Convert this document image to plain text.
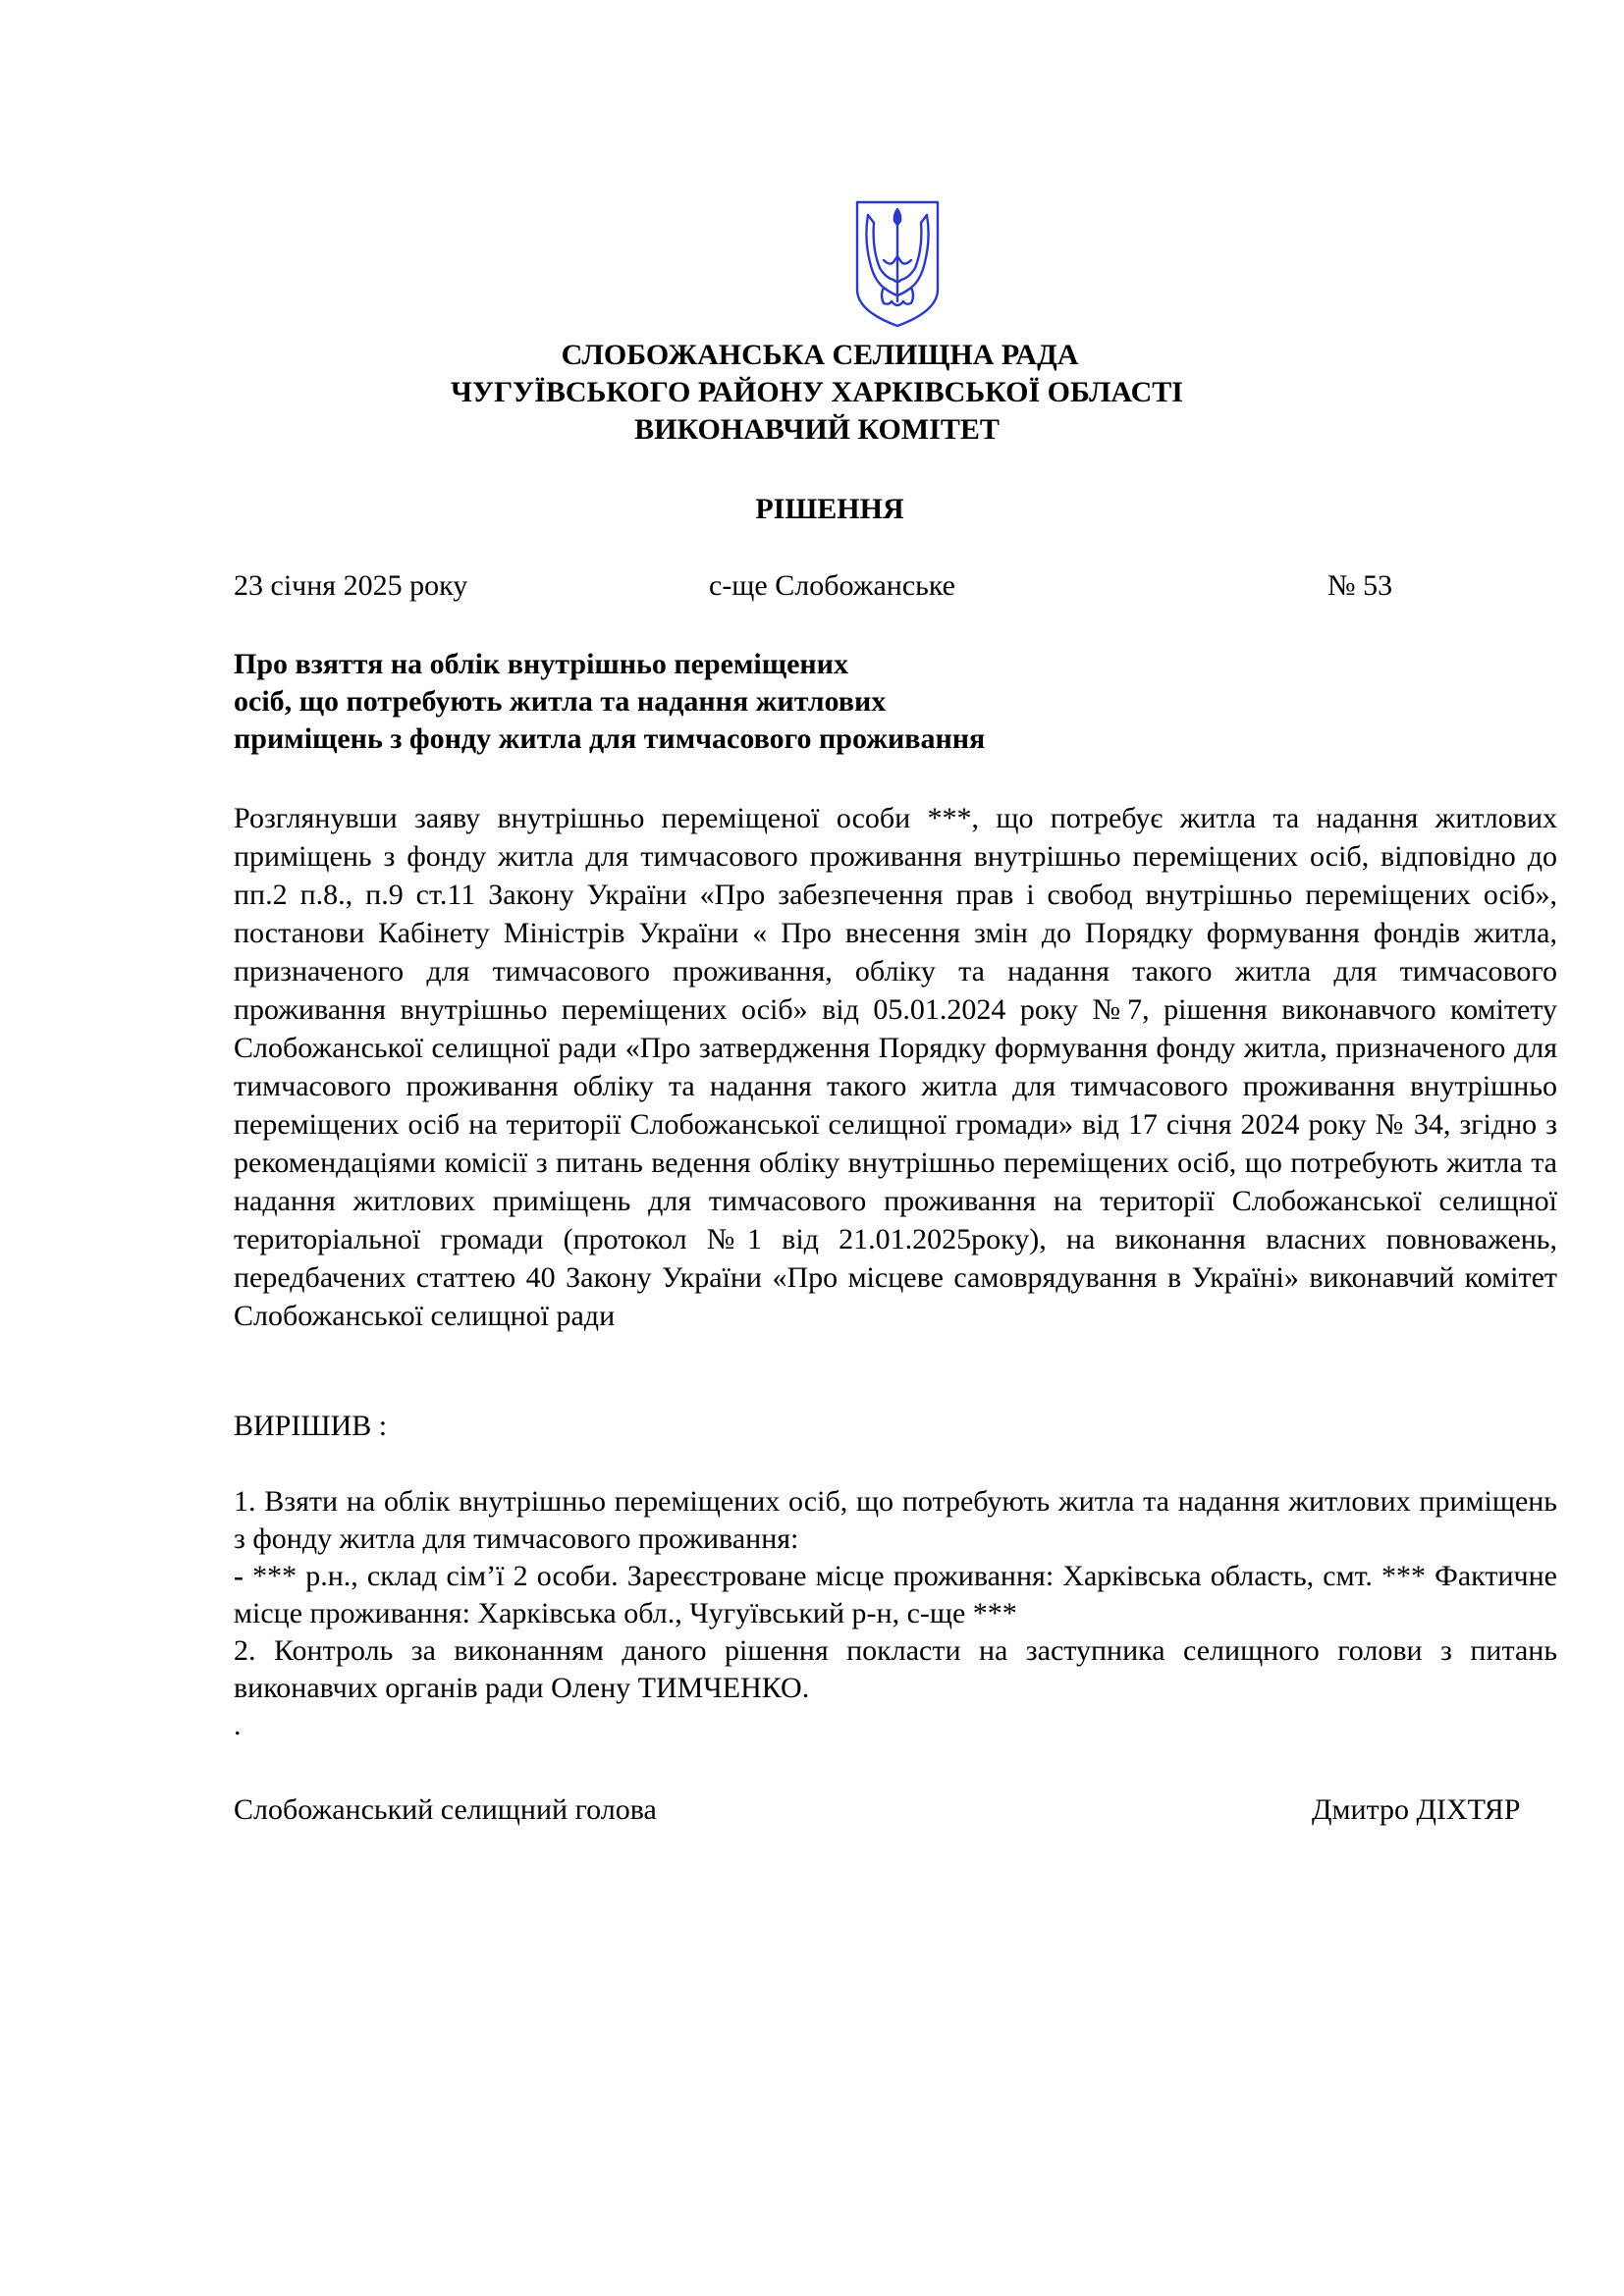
СЛОБОЖАНСЬКА СЕЛИЩНА РАДА
ЧУГУЇВСЬКОГО РАЙОНУ ХАРКІВСЬКОЇ ОБЛАСТІ
ВИКОНАВЧИЙ КОМІТЕТ
РІШЕННЯ
23 січня 2025 року	с-ще Слобожанське	№ 53
Про взяття на облік внутрішньо переміщених
осіб, що потребують житла та надання житлових
приміщень з фонду житла для тимчасового проживання
Розглянувши заяву внутрішньо переміщеної особи ***, що потребує житла та надання житлових приміщень з фонду житла для тимчасового проживання внутрішньо переміщених осіб, відповідно до пп.2 п.8., п.9 ст.11 Закону України «Про забезпечення прав і свобод внутрішньо переміщених осіб», постанови Кабінету Міністрів України « Про внесення змін до Порядку формування фондів житла, призначеного для тимчасового проживання, обліку та надання такого житла для тимчасового проживання внутрішньо переміщених осіб» від 05.01.2024 року №7, рішення виконавчого комітету Слобожанської селищної ради «Про затвердження Порядку формування фонду житла, призначеного для тимчасового проживання обліку та надання такого житла для тимчасового проживання внутрішньо переміщених осіб на території Слобожанської селищної громади» від 17 січня 2024 року № 34, згідно з рекомендаціями комісії з питань ведення обліку внутрішньо переміщених осіб, що потребують житла та надання житлових приміщень для тимчасового проживання на території Слобожанської селищної територіальної громади (протокол №1 від 21.01.2025року), на виконання власних повноважень, передбачених статтею 40 Закону України «Про місцеве самоврядування в Україні» виконавчий комітет Слобожанської селищної ради
ВИРІШИВ :
1. Взяти на облік внутрішньо переміщених осіб, що потребують житла та надання житлових приміщень з фонду житла для тимчасового проживання:
- *** р.н., склад сім’ї 2 особи. Зареєстроване місце проживання: Харківська область, смт. *** Фактичне місце проживання: Харківська обл., Чугуївський р-н, с-ще ***
2. Контроль за виконанням даного рішення покласти на заступника селищного голови з питань виконавчих органів ради Олену ТИМЧЕНКО.
.
Слобожанський селищний голова	Дмитро ДІХТЯР
